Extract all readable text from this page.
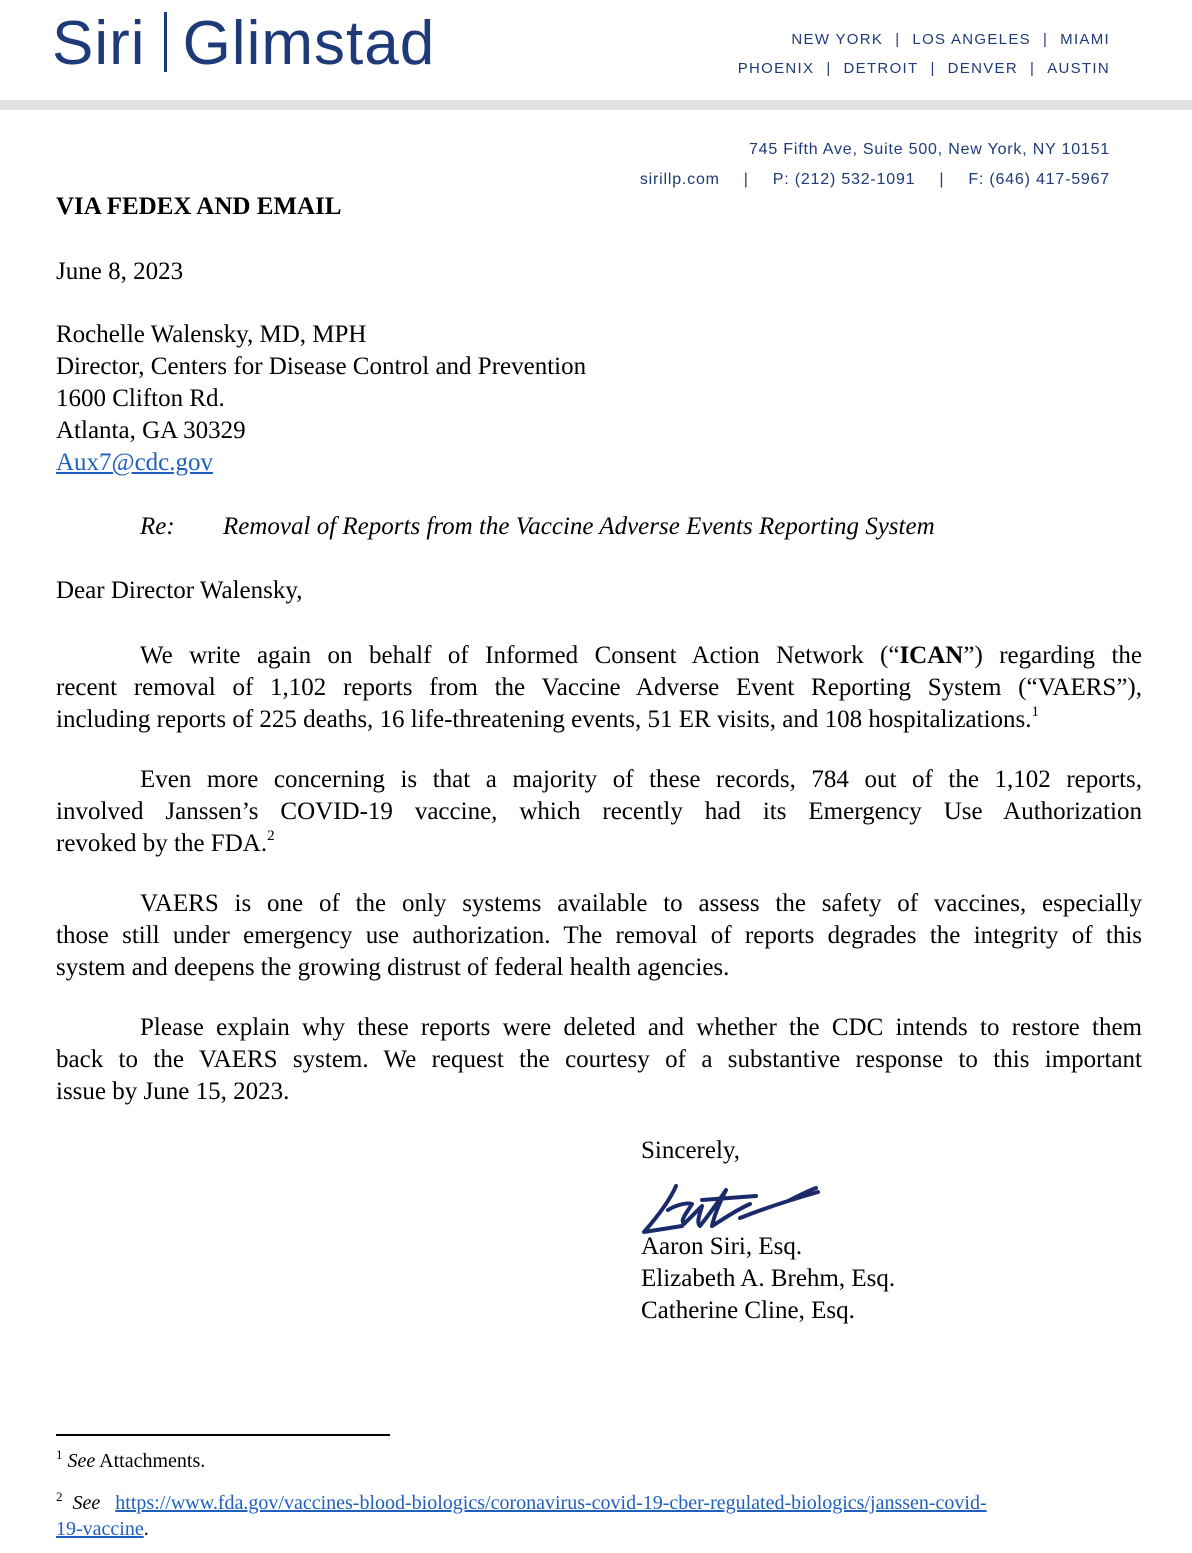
Siri Glimstad	NEW YORK | LOS ANGELES | MIAMI
PHOENIX | DETROIT | DENVER | AUSTIN
745 Fifth Ave, Suite 500, New York, NY 10151
sirillp.com | P: (212) 532-1091 | F: (646) 417-5967
VIA FEDEX AND EMAIL
June 8, 2023
Rochelle Walensky, MD, MPH
Director, Centers for Disease Control and Prevention
1600 Clifton Rd.
Atlanta, GA 30329
Aux7@cdc.gov
Re: Removal of Reports from the Vaccine Adverse Events Reporting System
Dear Director Walensky,
We write again on behalf of Informed Consent Action Network (“ICAN”) regarding the
recent removal of 1,102 reports from the Vaccine Adverse Event Reporting System (“VAERS”),
including reports of 225 deaths, 16 life-threatening events, 51 ER visits, and 108 hospitalizations.$^1$
Even more concerning is that a majority of these records, 784 out of the 1,102 reports,
involved Janssen’s COVID-19 vaccine, which recently had its Emergency Use Authorization
revoked by the FDA.$^2$
VAERS is one of the only systems available to assess the safety of vaccines, especially
those still under emergency use authorization. The removal of reports degrades the integrity of this
system and deepens the growing distrust of federal health agencies.
Please explain why these reports were deleted and whether the CDC intends to restore them
back to the VAERS system. We request the courtesy of a substantive response to this important
issue by June 15, 2023.
Sincerely,
Aaron Siri, Esq.
Elizabeth A. Brehm, Esq.
Catherine Cline, Esq.
$^1$ See Attachments.
$^2$ See https://www.fda.gov/vaccines-blood-biologics/coronavirus-covid-19-cber-regulated-biologics/janssen-covid-
19-vaccine.
